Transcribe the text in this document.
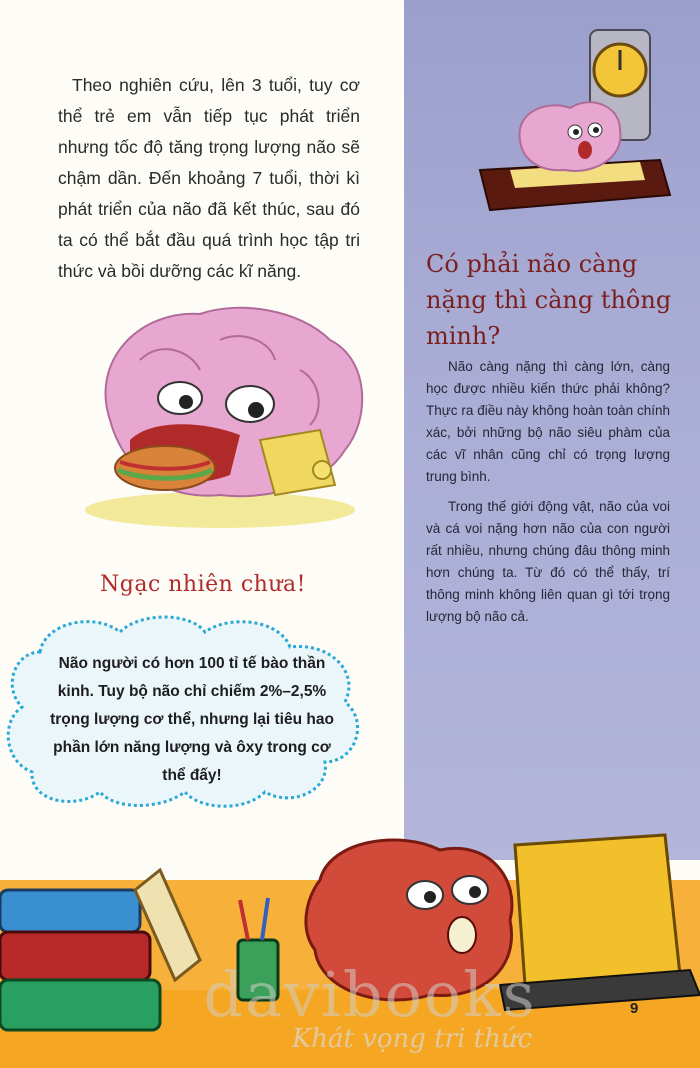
Theo nghiên cứu, lên 3 tuổi, tuy cơ thể trẻ em vẫn tiếp tục phát triển nhưng tốc độ tăng trọng lượng não sẽ chậm dần. Đến khoảng 7 tuổi, thời kì phát triển của não đã kết thúc, sau đó ta có thể bắt đầu quá trình học tập tri thức và bồi dưỡng các kĩ năng.
Ngạc nhiên chưa!
Não người có hơn 100 tỉ tế bào thần kinh. Tuy bộ não chỉ chiếm 2%–2,5% trọng lượng cơ thể, nhưng lại tiêu hao phần lớn năng lượng và ôxy trong cơ thể đấy!
Có phải não càng nặng thì càng thông minh?

Não càng nặng thì càng lớn, càng học được nhiều kiến thức phải không? Thực ra điều này không hoàn toàn chính xác, bởi những bộ não siêu phàm của các vĩ nhân cũng chỉ có trọng lượng trung bình.

Trong thế giới động vật, não của voi và cá voi nặng hơn não của con người rất nhiều, nhưng chúng đâu thông minh hơn chúng ta. Từ đó có thể thấy, trí thông minh không liên quan gì tới trọng lượng bộ não cả.

davibooks
Khát vọng tri thức
9
